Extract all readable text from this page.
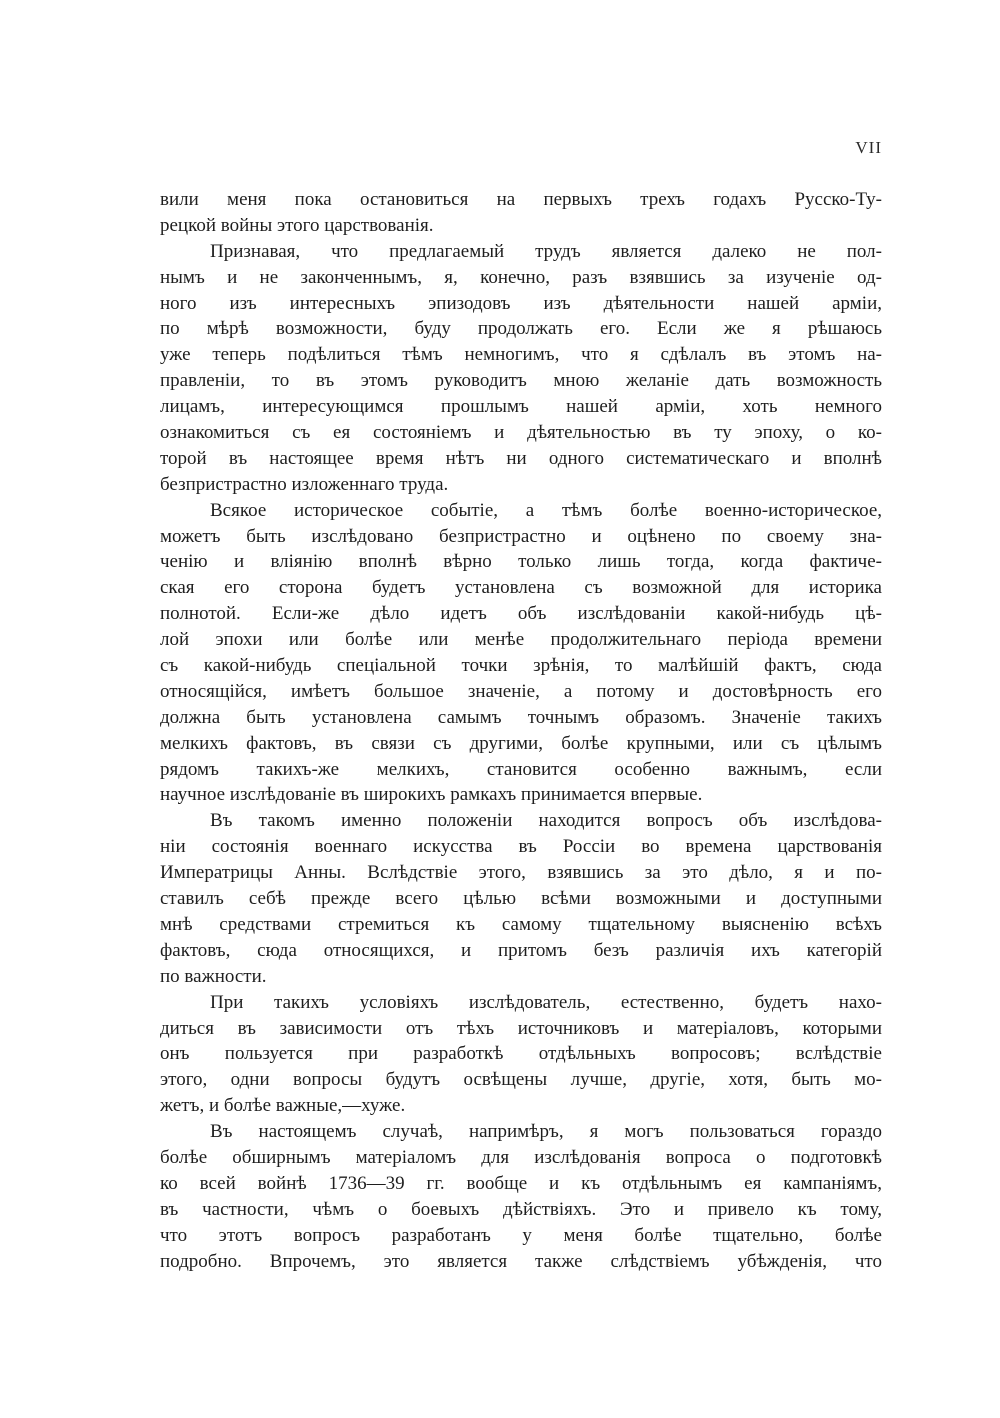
VII
вили меня пока остановиться на первыхъ трехъ годахъ Русско-Ту-
рецкой войны этого царствованія.
Признавая, что предлагаемый трудъ является далеко не пол-
нымъ и не законченнымъ, я, конечно, разъ взявшись за изученіе од-
ного изъ интересныхъ эпизодовъ изъ дѣятельности нашей арміи,
по мѣрѣ возможности, буду продолжать его. Если же я рѣшаюсь
уже теперь подѣлиться тѣмъ немногимъ, что я сдѣлалъ въ этомъ на-
правленіи, то въ этомъ руководитъ мною желаніе дать возможность
лицамъ, интересующимся прошлымъ нашей арміи, хоть немного
ознакомиться съ ея состояніемъ и дѣятельностью въ ту эпоху, о ко-
торой въ настоящее время нѣтъ ни одного систематическаго и вполнѣ
безпристрастно изложеннаго труда.
Всякое историческое событіе, а тѣмъ болѣе военно-историческое,
можетъ быть изслѣдовано безпристрастно и оцѣнено по своему зна-
ченію и вліянію вполнѣ вѣрно только лишь тогда, когда фактиче-
ская его сторона будетъ установлена съ возможной для историка
полнотой. Если-же дѣло идетъ объ изслѣдованіи какой-нибудь цѣ-
лой эпохи или болѣе или менѣе продолжительнаго періода времени
съ какой-нибудь спеціальной точки зрѣнія, то малѣйшій фактъ, сюда
относящійся, имѣетъ большое значеніе, а потому и достовѣрность его
должна быть установлена самымъ точнымъ образомъ. Значеніе такихъ
мелкихъ фактовъ, въ связи съ другими, болѣе крупными, или съ цѣлымъ
рядомъ такихъ-же мелкихъ, становится особенно важнымъ, если
научное изслѣдованіе въ широкихъ рамкахъ принимается впервые.
Въ такомъ именно положеніи находится вопросъ объ изслѣдова-
ніи состоянія военнаго искусства въ Россіи во времена царствованія
Императрицы Анны. Вслѣдствіе этого, взявшись за это дѣло, я и по-
ставилъ себѣ прежде всего цѣлью всѣми возможными и доступными
мнѣ средствами стремиться къ самому тщательному выясненію всѣхъ
фактовъ, сюда относящихся, и притомъ безъ различія ихъ категорій
по важности.
При такихъ условіяхъ изслѣдователь, естественно, будетъ нахо-
диться въ зависимости отъ тѣхъ источниковъ и матеріаловъ, которыми
онъ пользуется при разработкѣ отдѣльныхъ вопросовъ; вслѣдствіе
этого, одни вопросы будутъ освѣщены лучше, другіе, хотя, быть мо-
жетъ, и болѣе важные,—хуже.
Въ настоящемъ случаѣ, напримѣръ, я могъ пользоваться гораздо
болѣе обширнымъ матеріаломъ для изслѣдованія вопроса о подготовкѣ
ко всей войнѣ 1736—39 гг. вообще и къ отдѣльнымъ ея кампаніямъ,
въ частности, чѣмъ о боевыхъ дѣйствіяхъ. Это и привело къ тому,
что этотъ вопросъ разработанъ у меня болѣе тщательно, болѣе
подробно. Впрочемъ, это является также слѣдствіемъ убѣжденія, что
